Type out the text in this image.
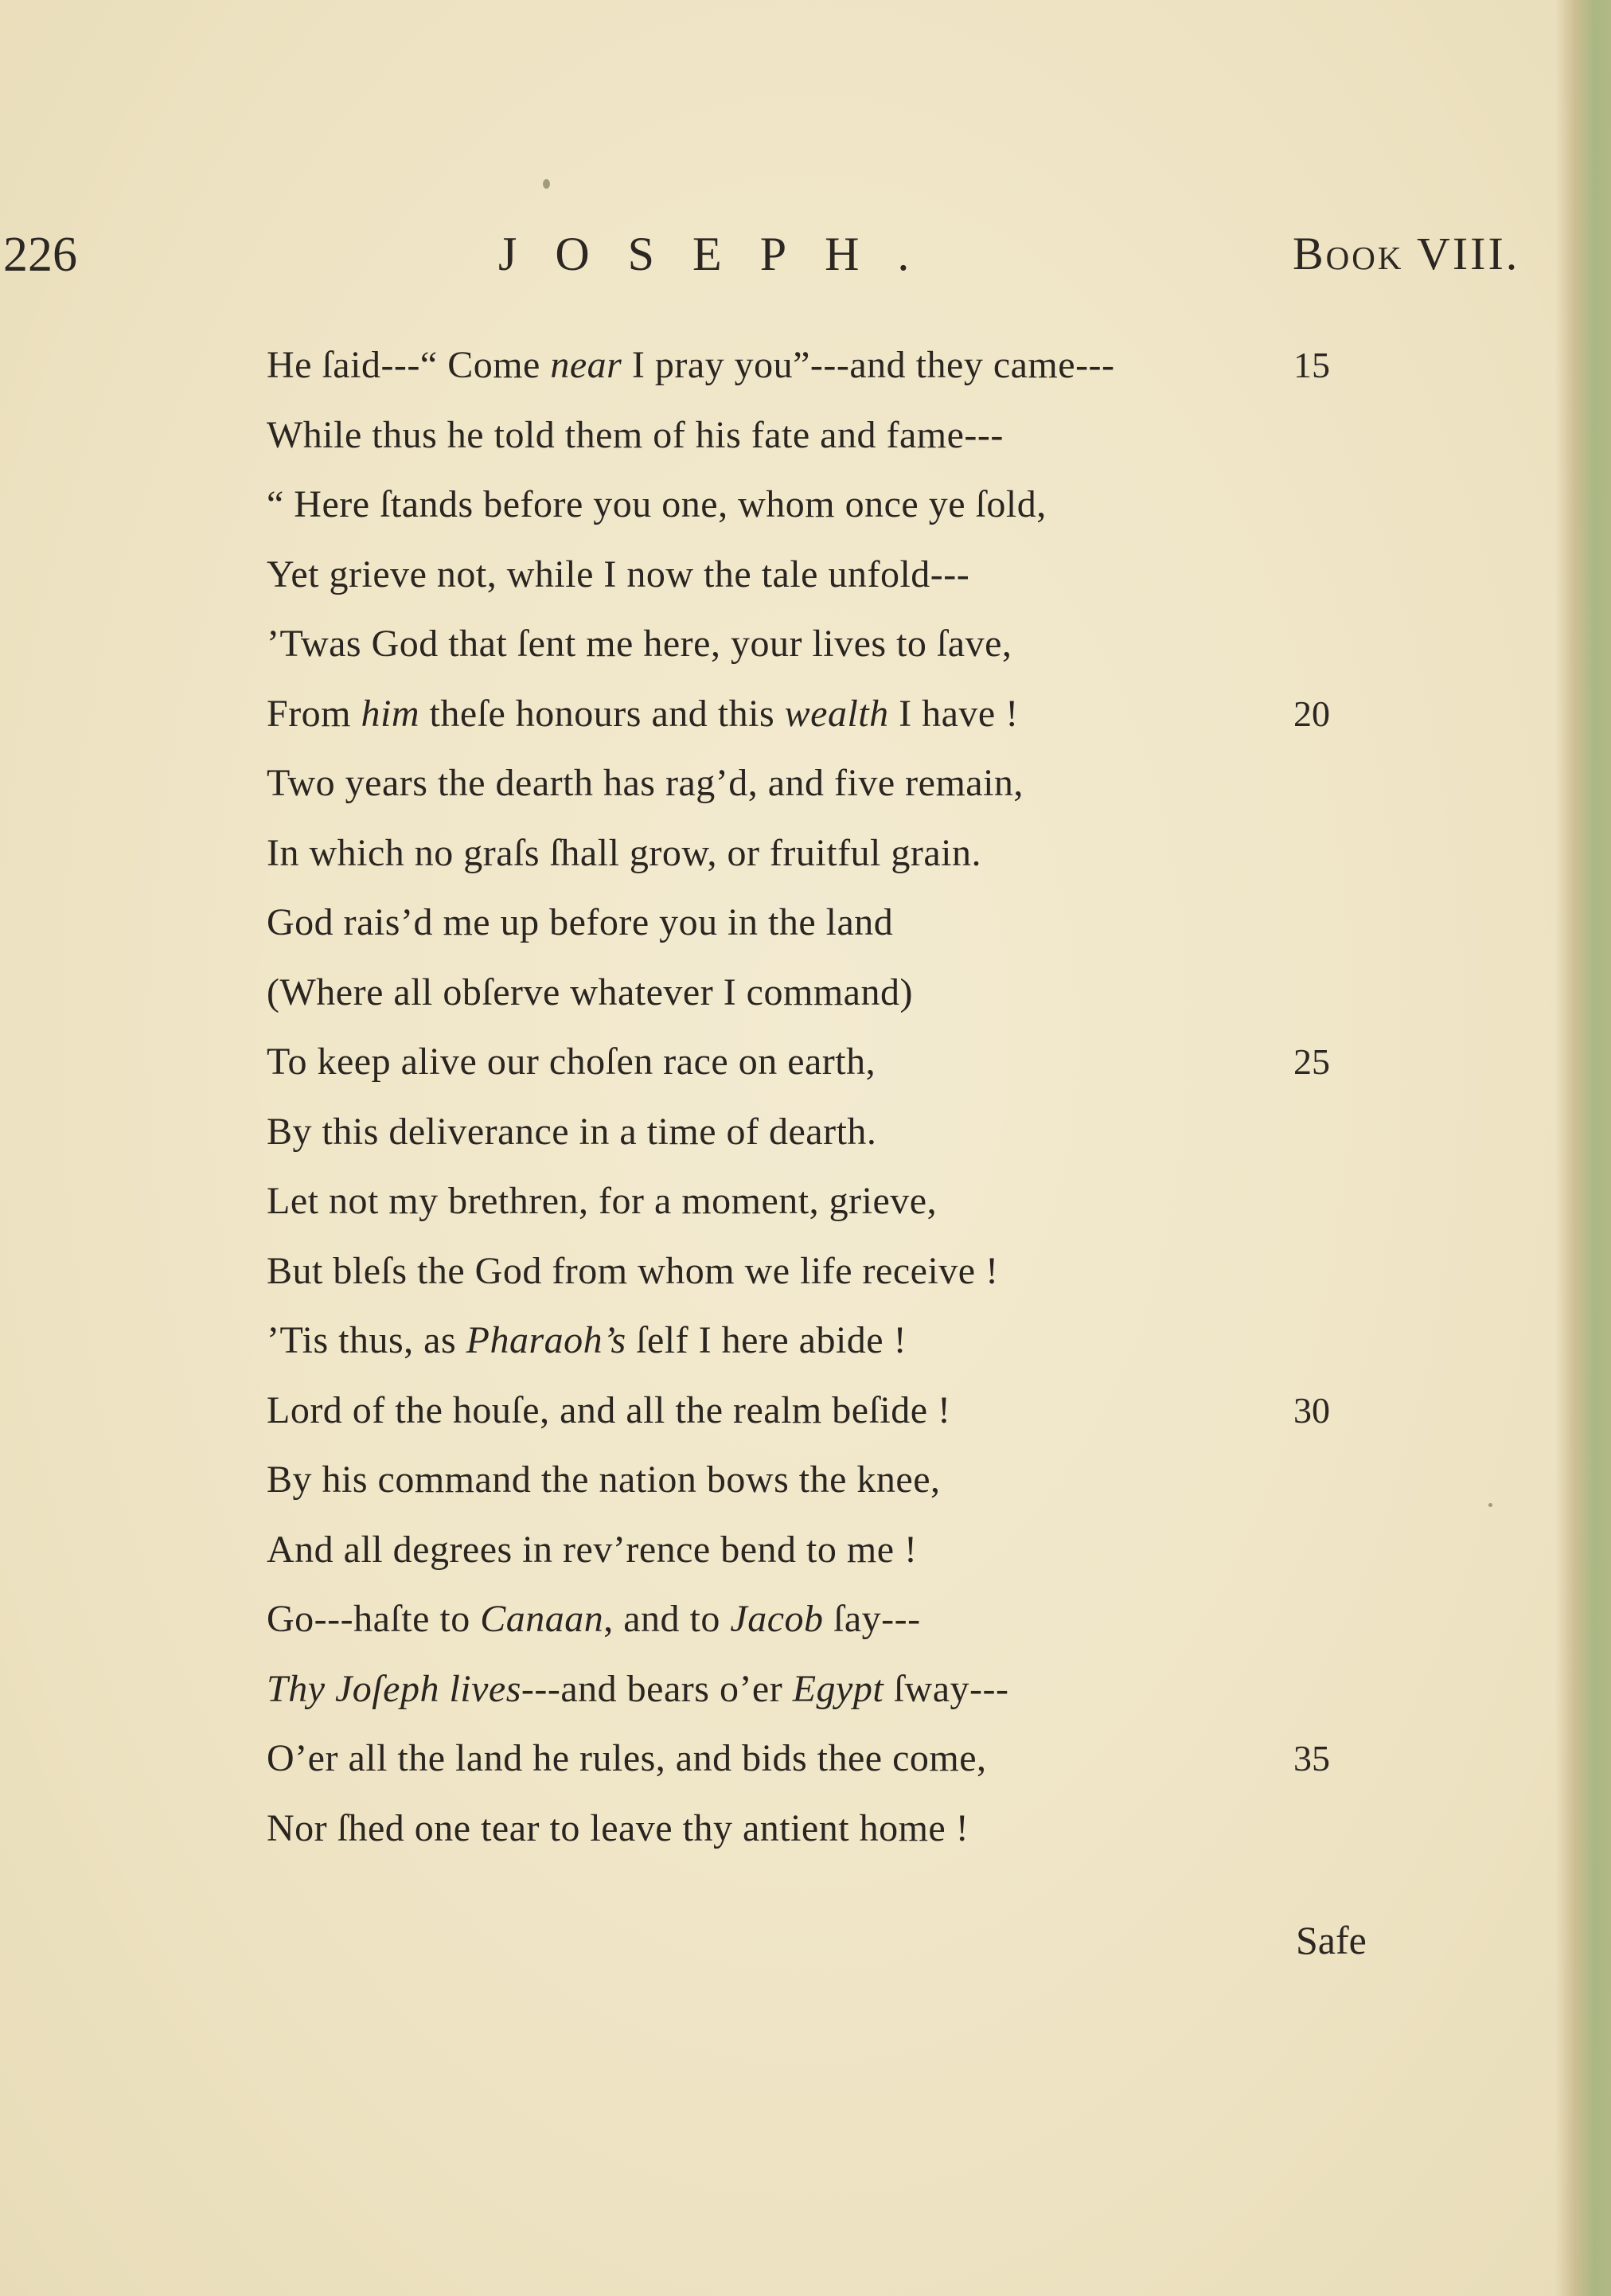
226	JOSEPH.	Book VIII.
He ſaid---“ Come near I pray you”---and they came---	15
While thus he told them of his fate and fame---
“ Here ſtands before you one, whom once ye ſold,
Yet grieve not, while I now the tale unfold---
’Twas God that ſent me here, your lives to ſave,
From him theſe honours and this wealth I have !	20
Two years the dearth has rag’d, and five remain,
In which no graſs ſhall grow, or fruitful grain.
God rais’d me up before you in the land
(Where all obſerve whatever I command)
To keep alive our choſen race on earth,	25
By this deliverance in a time of dearth.
Let not my brethren, for a moment, grieve,
But bleſs the God from whom we life receive !
’Tis thus, as Pharaoh’s ſelf I here abide !
Lord of the houſe, and all the realm beſide !	30
By his command the nation bows the knee,
And all degrees in rev’rence bend to me !
Go---haſte to Canaan, and to Jacob ſay---
Thy Joſeph lives---and bears o’er Egypt ſway---
O’er all the land he rules, and bids thee come,	35
Nor ſhed one tear to leave thy antient home !
Safe
